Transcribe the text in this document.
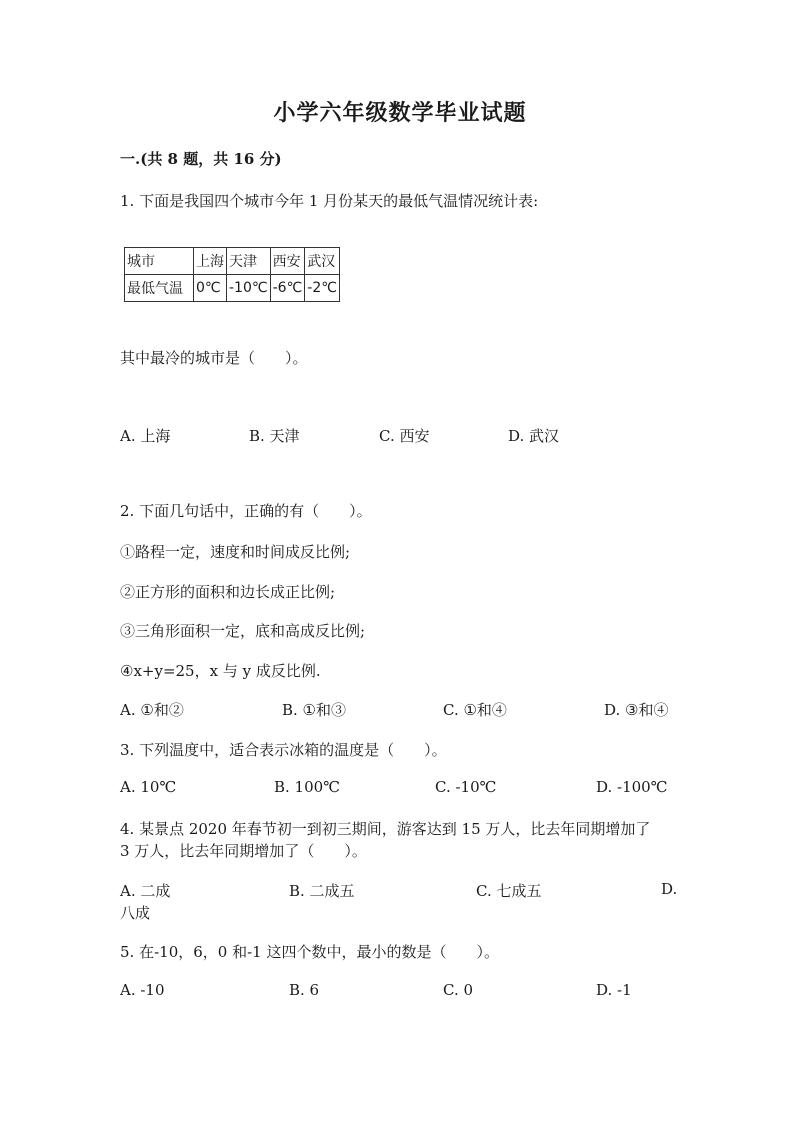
小学六年级数学毕业试题
一.(共 8 题，共 16 分)
1. 下面是我国四个城市今年 1 月份某天的最低气温情况统计表:
城市	上海	天津	西安	武汉
最低气温	0℃	-10℃	-6℃	-2℃
其中最冷的城市是（　　）。
A. 上海	B. 天津	C. 西安	D. 武汉
2. 下面几句话中，正确的有（　　）。
①路程一定，速度和时间成反比例;
②正方形的面积和边长成正比例;
③三角形面积一定，底和高成反比例;
④x+y=25，x 与 y 成反比例.
A. ①和②	B. ①和③	C. ①和④	D. ③和④
3. 下列温度中，适合表示冰箱的温度是（　　）。
A. 10℃	B. 100℃	C. -10℃	D. -100℃
4. 某景点 2020 年春节初一到初三期间，游客达到 15 万人，比去年同期增加了
3 万人，比去年同期增加了（　　）。
A. 二成	B. 二成五	C. 七成五	D.
八成
5. 在-10，6，0 和-1 这四个数中，最小的数是（　　）。
A. -10	B. 6	C. 0	D. -1
